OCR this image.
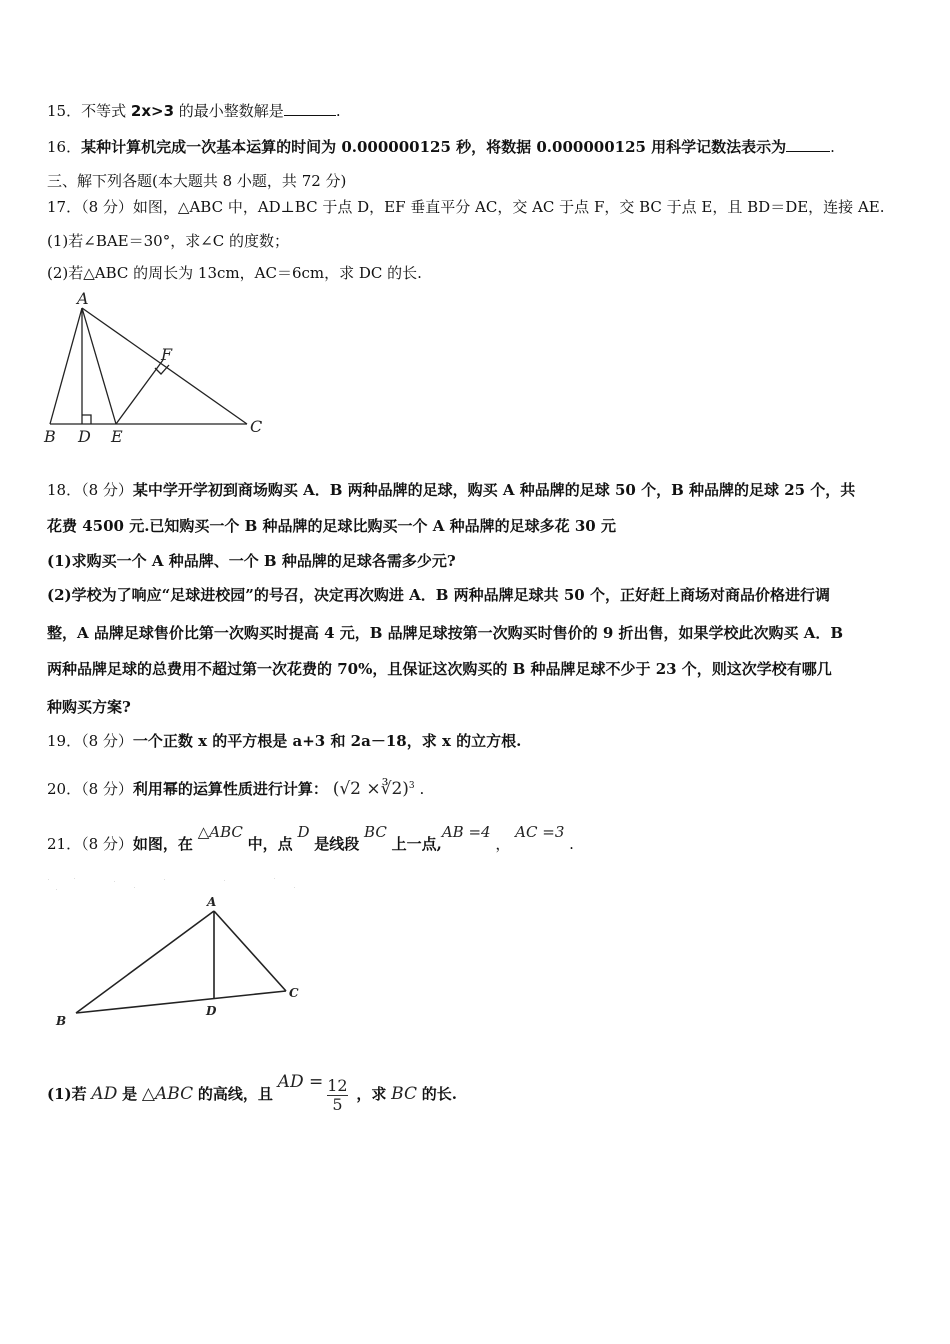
15．不等式 2x>3 的最小整数解是	.
16．某种计算机完成一次基本运算的时间为 0.000000125 秒，将数据 0.000000125 用科学记数法表示为	.
三、解下列各题(本大题共 8 小题，共 72 分)
17．（8 分）如图，△ABC 中，AD⊥BC 于点 D，EF 垂直平分 AC，交 AC 于点 F，交 BC 于点 E，且 BD＝DE，连接 AE.
(1)若∠BAE＝30°，求∠C 的度数；
(2)若△ABC 的周长为 13cm，AC＝6cm，求 DC 的长.
A
B
C
D E
F
18．（8 分）某中学开学初到商场购买 A．B 两种品牌的足球，购买 A 种品牌的足球 50 个，B 种品牌的足球 25 个，共
花费 4500 元.已知购买一个 B 种品牌的足球比购买一个 A 种品牌的足球多花 30 元
(1)求购买一个 A 种品牌、一个 B 种品牌的足球各需多少元?
(2)学校为了响应“足球进校园”的号召，决定再次购进 A．B 两种品牌足球共 50 个，正好赶上商场对商品价格进行调
整，A 品牌足球售价比第一次购买时提高 4 元，B 品牌足球按第一次购买时售价的 9 折出售，如果学校此次购买 A．B
两种品牌足球的总费用不超过第一次花费的 70%，且保证这次购买的 B 种品牌足球不少于 23 个，则这次学校有哪几
种购买方案?
19．（8 分）一个正数 x 的平方根是 a+3 和 2a－18，求 x 的立方根.
20．（8 分）利用幂的运算性质进行计算： (√2 ×∛2)$^3$ .
21．（8 分）如图，在 △ABC 中，点 D 是线段 BC 上一点,AB =4 ， AC =3 .
A
B
C
D
(1)若 AD 是 △ABC 的高线，且 AD = $\frac{12}{5}$ ，求 BC 的长.
